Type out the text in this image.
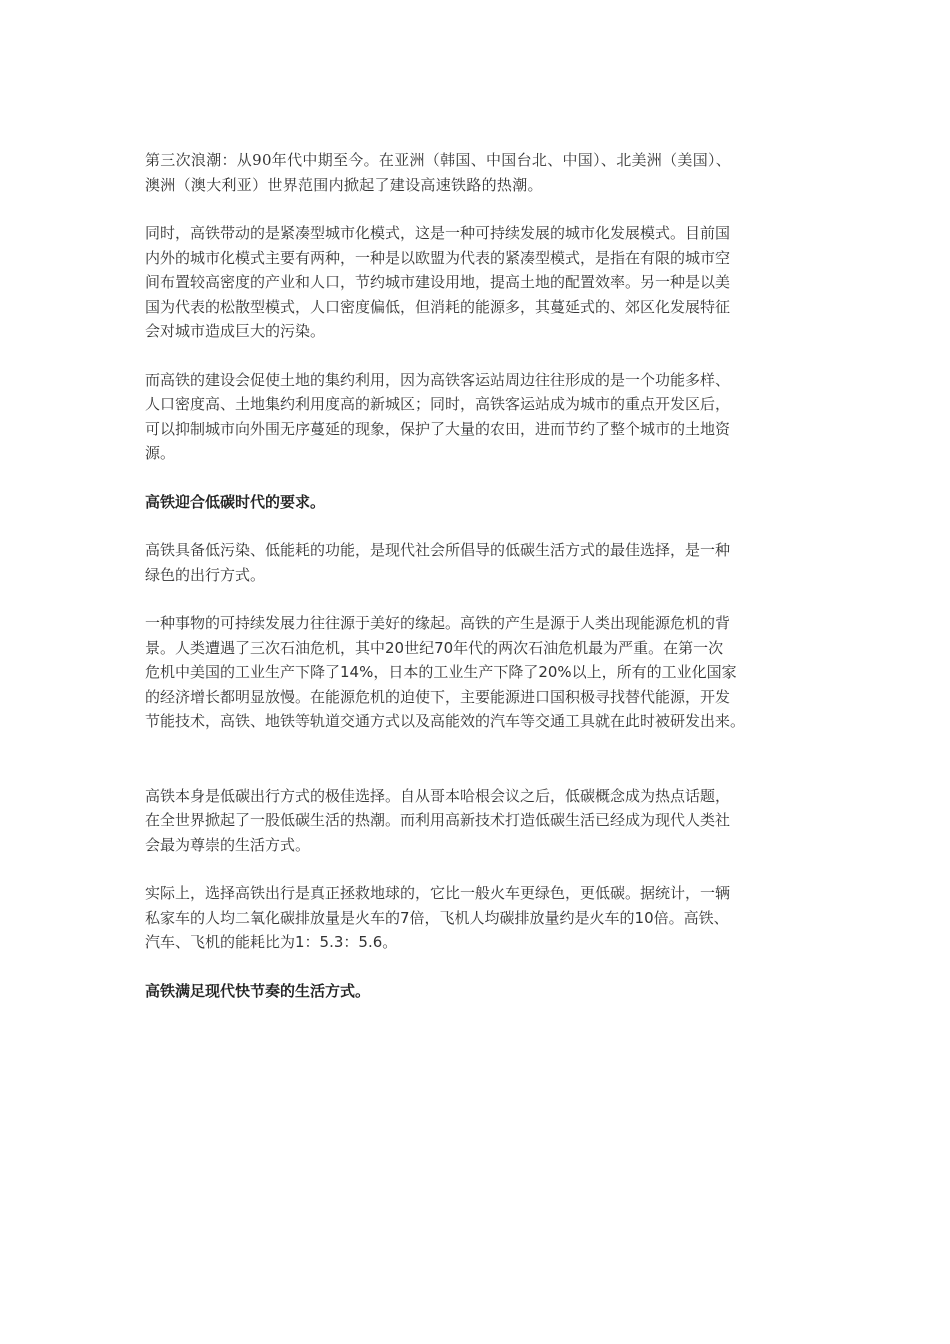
第三次浪潮：从90年代中期至今。在亚洲（韩国、中国台北、中国）、北美洲（美国）、
澳洲（澳大利亚）世界范围内掀起了建设高速铁路的热潮。

同时，高铁带动的是紧凑型城市化模式，这是一种可持续发展的城市化发展模式。目前国
内外的城市化模式主要有两种，一种是以欧盟为代表的紧凑型模式，是指在有限的城市空
间布置较高密度的产业和人口，节约城市建设用地，提高土地的配置效率。另一种是以美
国为代表的松散型模式，人口密度偏低，但消耗的能源多，其蔓延式的、郊区化发展特征
会对城市造成巨大的污染。

而高铁的建设会促使土地的集约利用，因为高铁客运站周边往往形成的是一个功能多样、
人口密度高、土地集约利用度高的新城区；同时，高铁客运站成为城市的重点开发区后，
可以抑制城市向外围无序蔓延的现象，保护了大量的农田，进而节约了整个城市的土地资
源。

高铁迎合低碳时代的要求。

高铁具备低污染、低能耗的功能，是现代社会所倡导的低碳生活方式的最佳选择，是一种
绿色的出行方式。

一种事物的可持续发展力往往源于美好的缘起。高铁的产生是源于人类出现能源危机的背
景。人类遭遇了三次石油危机，其中20世纪70年代的两次石油危机最为严重。在第一次
危机中美国的工业生产下降了14%，日本的工业生产下降了20%以上，所有的工业化国家
的经济增长都明显放慢。在能源危机的迫使下，主要能源进口国积极寻找替代能源，开发
节能技术，高铁、地铁等轨道交通方式以及高能效的汽车等交通工具就在此时被研发出来。

高铁本身是低碳出行方式的极佳选择。自从哥本哈根会议之后，低碳概念成为热点话题，
在全世界掀起了一股低碳生活的热潮。而利用高新技术打造低碳生活已经成为现代人类社
会最为尊崇的生活方式。

实际上，选择高铁出行是真正拯救地球的，它比一般火车更绿色，更低碳。据统计，一辆
私家车的人均二氧化碳排放量是火车的7倍，飞机人均碳排放量约是火车的10倍。高铁、
汽车、飞机的能耗比为1：5.3：5.6。

高铁满足现代快节奏的生活方式。
